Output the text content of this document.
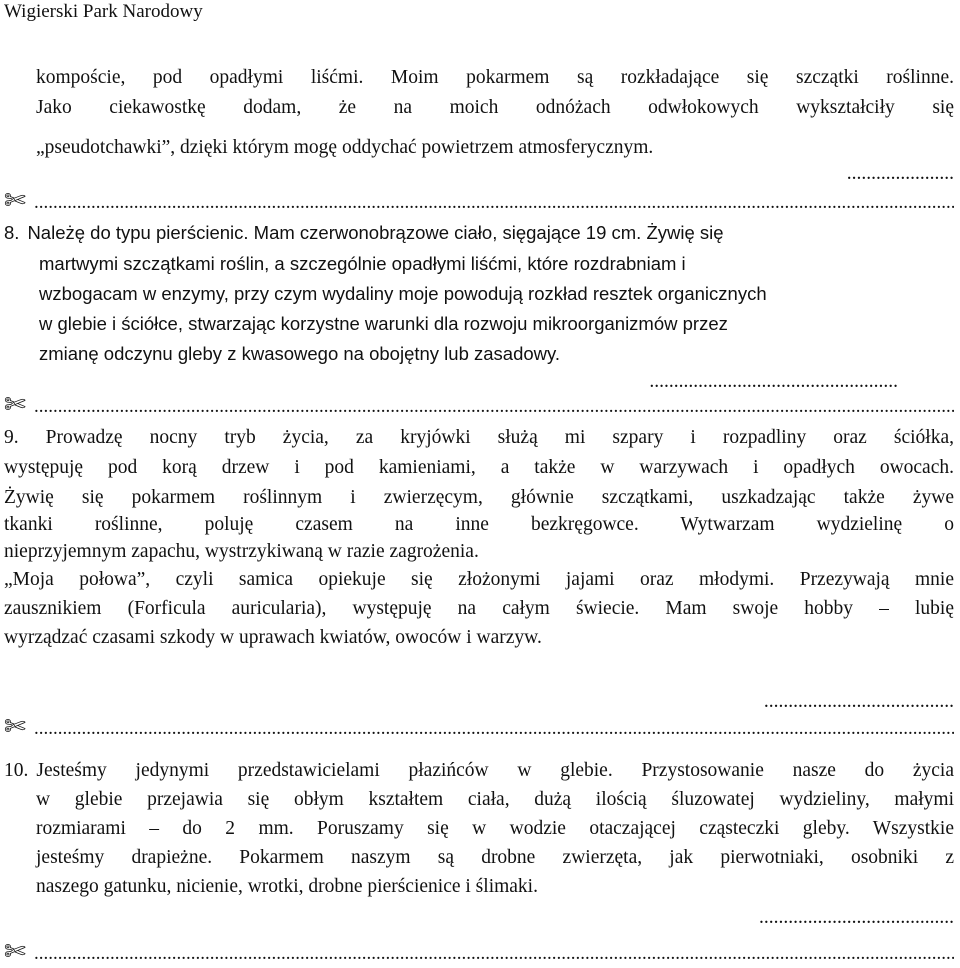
Wigierski Park Narodowy
kompoście, pod opadłymi liśćmi. Moim pokarmem są rozkładające się szczątki roślinne.
Jako ciekawostkę dodam, że na moich odnóżach odwłokowych wykształciły się
„pseudotchawki”, dzięki którym mogę oddychać powietrzem atmosferycznym.
......................
✄
.....
8. Należę do typu pierścienic. Mam czerwonobrązowe ciało, sięgające 19 cm. Żywię się
martwymi szczątkami roślin, a szczególnie opadłymi liśćmi, które rozdrabniam i
wzbogacam w enzymy, przy czym wydaliny moje powodują rozkład resztek organicznych
w glebie i ściółce, stwarzając korzystne warunki dla rozwoju mikroorganizmów przez
zmianę odczynu gleby z kwasowego na obojętny lub zasadowy.
...................................................
✄
.....
9. Prowadzę nocny tryb życia, za kryjówki służą mi szpary i rozpadliny oraz ściółka,
występuję pod korą drzew i pod kamieniami, a także w warzywach i opadłych owocach.
Żywię się pokarmem roślinnym i zwierzęcym, głównie szczątkami, uszkadzając także żywe
tkanki roślinne, poluję czasem na inne bezkręgowce. Wytwarzam wydzielinę o
nieprzyjemnym zapachu, wystrzykiwaną w razie zagrożenia.
„Moja połowa”, czyli samica opiekuje się złożonymi jajami oraz młodymi. Przezywają mnie
zausznikiem (Forficula auricularia), występuję na całym świecie. Mam swoje hobby – lubię
wyrządzać czasami szkody w uprawach kwiatów, owoców i warzyw.
.......................................
✄
.....
10. Jesteśmy jedynymi przedstawicielami płazińców w glebie. Przystosowanie nasze do życia
w glebie przejawia się obłym kształtem ciała, dużą ilością śluzowatej wydzieliny, małymi
rozmiarami – do 2 mm. Poruszamy się w wodzie otaczającej cząsteczki gleby. Wszystkie
jesteśmy drapieżne. Pokarmem naszym są drobne zwierzęta, jak pierwotniaki, osobniki z
naszego gatunku, nicienie, wrotki, drobne pierścienice i ślimaki.
........................................
✄
.....
